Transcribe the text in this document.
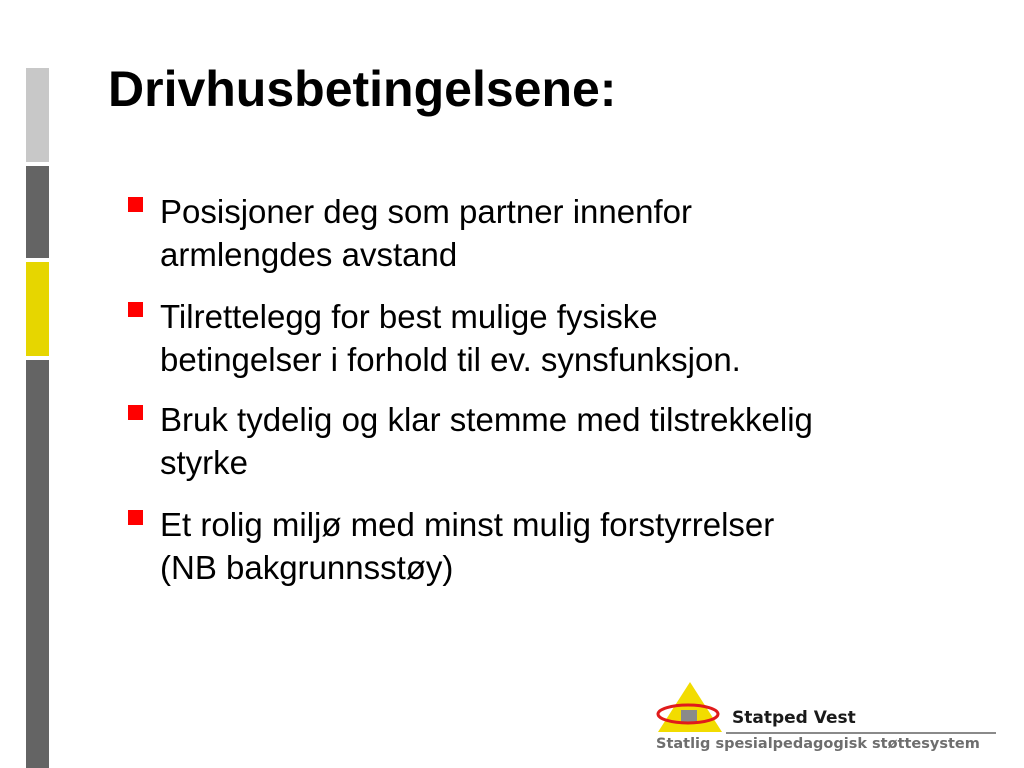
Drivhusbetingelsene:
Posisjoner deg som partner innenfor
armlengdes avstand
Tilrettelegg for best mulige fysiske
betingelser i forhold til ev. synsfunksjon.
Bruk tydelig og klar stemme med tilstrekkelig
styrke
Et rolig miljø med minst mulig forstyrrelser
(NB bakgrunnsstøy)
Statped Vest
Statlig spesialpedagogisk støttesystem
